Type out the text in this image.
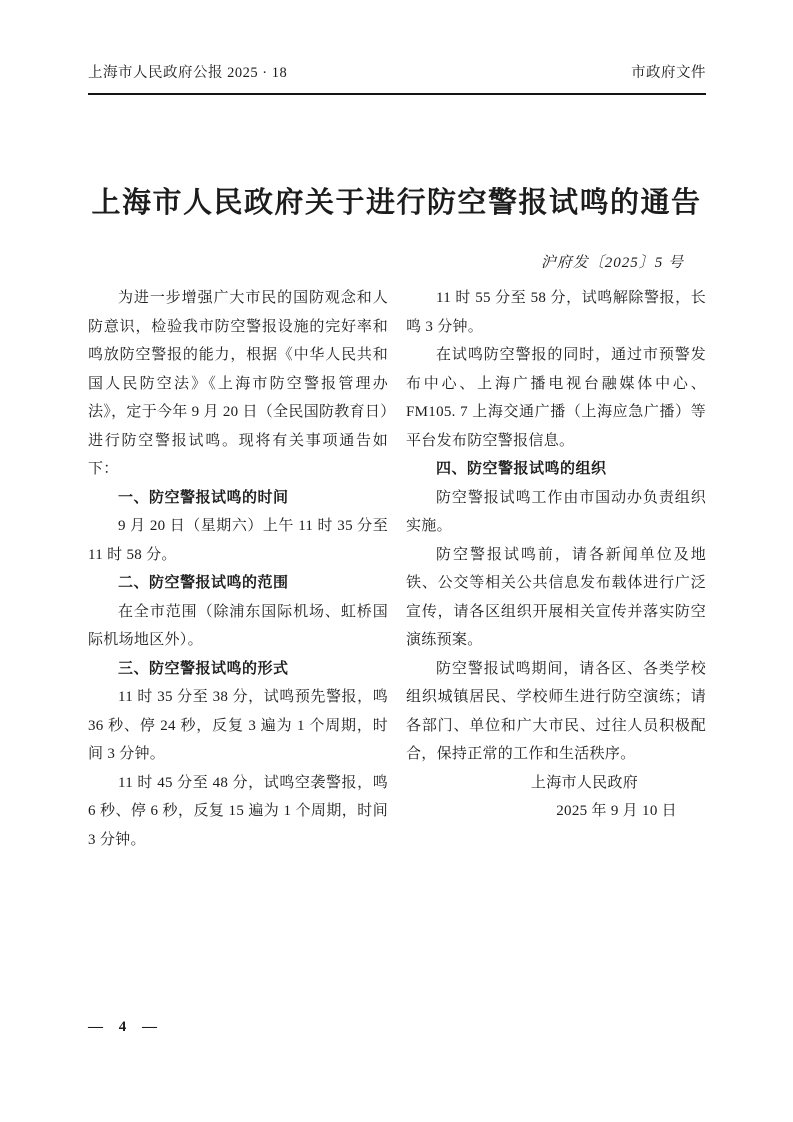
上海市人民政府公报 2025 · 18	市政府文件
上海市人民政府关于进行防空警报试鸣的通告
沪府发〔2025〕5 号

为进一步增强广大市民的国防观念和人防意识，检验我市防空警报设施的完好率和鸣放防空警报的能力，根据《中华人民共和国人民防空法》《上海市防空警报管理办法》，定于今年 9 月 20 日（全民国防教育日）进行防空警报试鸣。现将有关事项通告如下：

一、防空警报试鸣的时间

9 月 20 日（星期六）上午 11 时 35 分至 11 时 58 分。

二、防空警报试鸣的范围

在全市范围（除浦东国际机场、虹桥国际机场地区外）。

三、防空警报试鸣的形式

11 时 35 分至 38 分，试鸣预先警报，鸣 36 秒、停 24 秒，反复 3 遍为 1 个周期，时间 3 分钟。

11 时 45 分至 48 分，试鸣空袭警报，鸣 6 秒、停 6 秒，反复 15 遍为 1 个周期，时间 3 分钟。

11 时 55 分至 58 分，试鸣解除警报，长鸣 3 分钟。

在试鸣防空警报的同时，通过市预警发布中心、上海广播电视台融媒体中心、FM105. 7 上海交通广播（上海应急广播）等平台发布防空警报信息。

四、防空警报试鸣的组织

防空警报试鸣工作由市国动办负责组织实施。

防空警报试鸣前，请各新闻单位及地铁、公交等相关公共信息发布载体进行广泛宣传，请各区组织开展相关宣传并落实防空演练预案。

防空警报试鸣期间，请各区、各类学校组织城镇居民、学校师生进行防空演练；请各部门、单位和广大市民、过往人员积极配合，保持正常的工作和生活秩序。

上海市人民政府

2025 年 9 月 10 日

— 4 —
